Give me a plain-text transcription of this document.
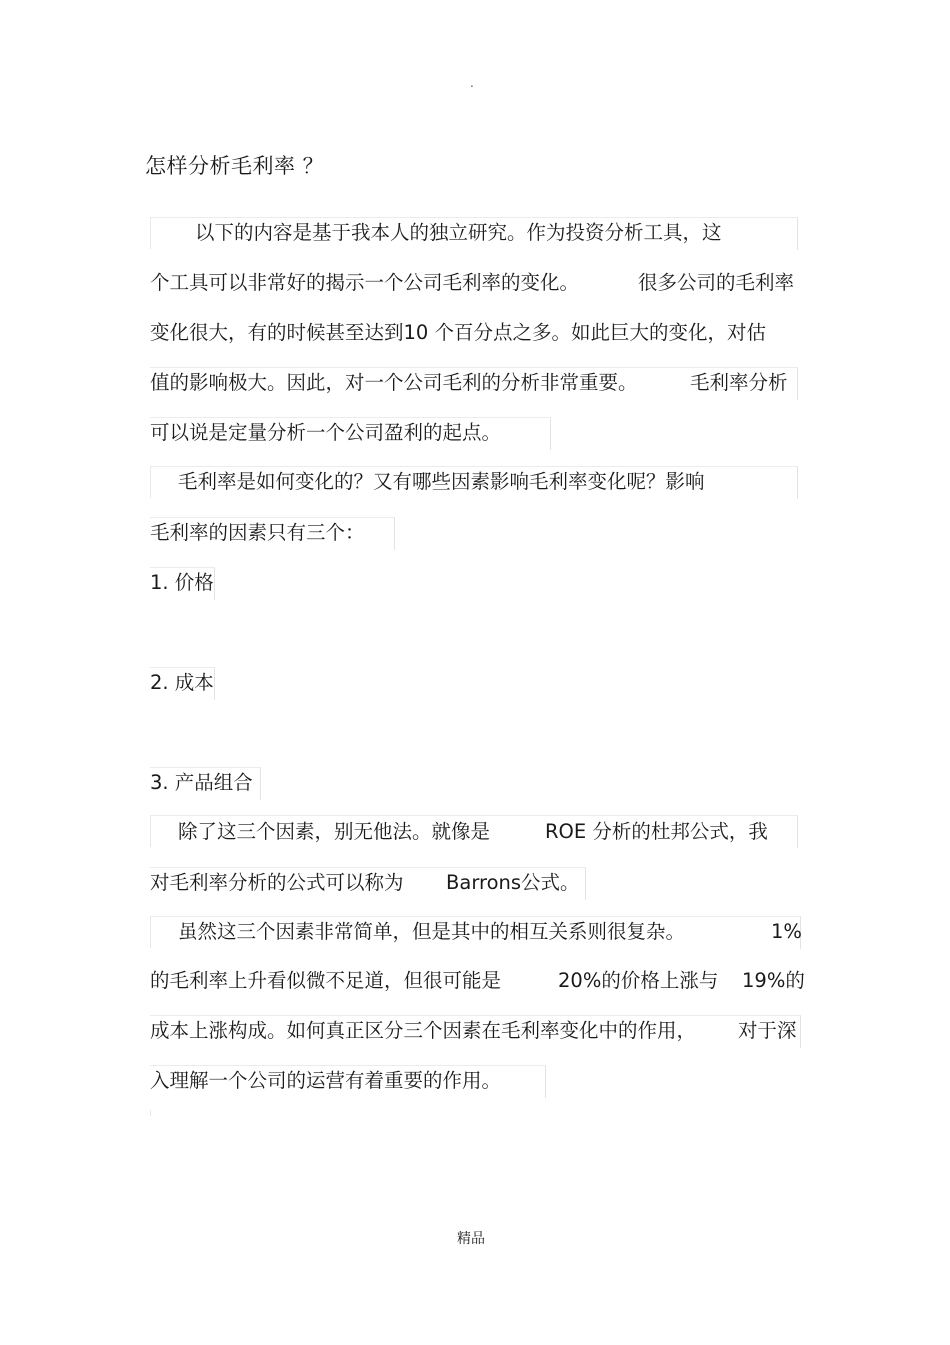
.
怎样分析毛利率 ？
以下的内容是基于我本人的独立研究。作为投资分析工具，这
个工具可以非常好的揭示一个公司毛利率的变化。	很多公司的毛利率
变化很大，有的时候甚至达到10 个百分点之多。如此巨大的变化，对估
值的影响极大。因此，对一个公司毛利的分析非常重要。	毛利率分析
可以说是定量分析一个公司盈利的起点。
毛利率是如何变化的？又有哪些因素影响毛利率变化呢？影响
毛利率的因素只有三个：
1. 价格
2. 成本
3. 产品组合
除了这三个因素，别无他法。就像是	ROE 分析的杜邦公式，我
对毛利率分析的公式可以称为 Barrons公式。
虽然这三个因素非常简单，但是其中的相互关系则很复杂。	1%
的毛利率上升看似微不足道，但很可能是	20%的价格上涨与 19%的
成本上涨构成。如何真正区分三个因素在毛利率变化中的作用， 对于深
入理解一个公司的运营有着重要的作用。
精品
